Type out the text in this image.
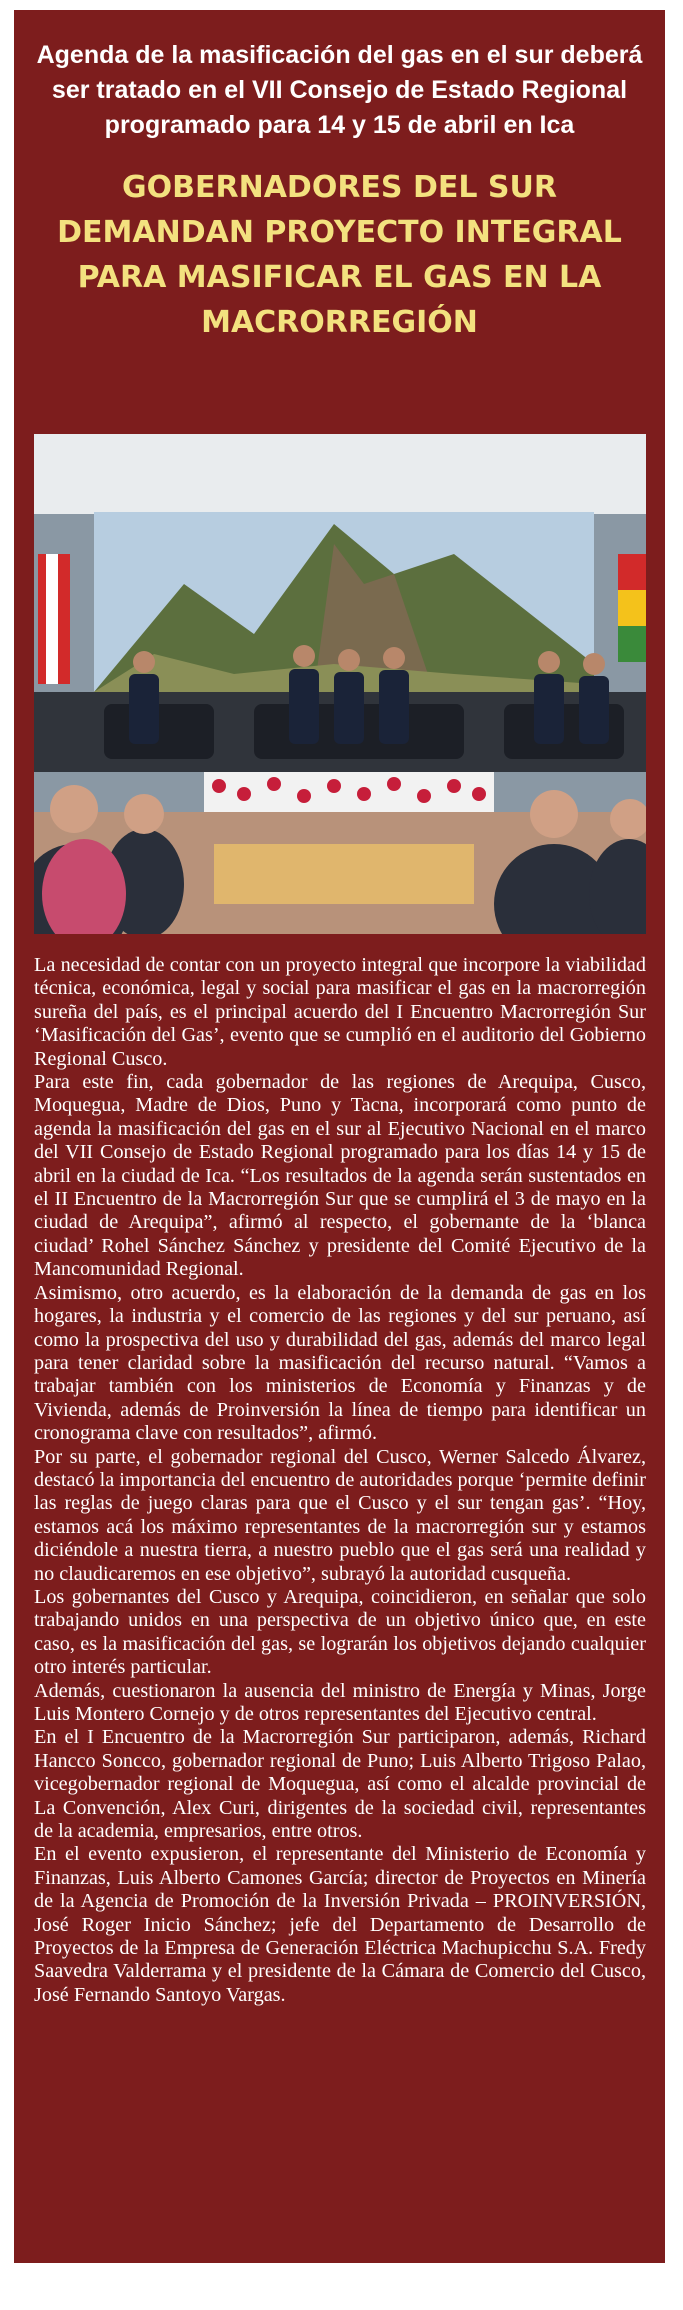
Agenda de la masificación del gas en el sur deberá ser tratado en el VII Consejo de Estado Regional programado para 14 y 15 de abril en Ica
GOBERNADORES DEL SUR DEMANDAN PROYECTO INTEGRAL PARA MASIFICAR EL GAS EN LA MACRORREGIÓN

La necesidad de contar con un proyecto integral que incorpore la viabilidad técnica, económica, legal y social para masificar el gas en la macrorregión sureña del país, es el principal acuerdo del I Encuentro Macrorregión Sur ‘Masificación del Gas’, evento que se cumplió en el auditorio del Gobierno Regional Cusco.

Para este fin, cada gobernador de las regiones de Arequipa, Cusco, Moquegua, Madre de Dios, Puno y Tacna, incorporará como punto de agenda la masificación del gas en el sur al Ejecutivo Nacional en el marco del VII Consejo de Estado Regional programado para los días 14 y 15 de abril en la ciudad de Ica. “Los resultados de la agenda serán sustentados en el II Encuentro de la Macrorregión Sur que se cumplirá el 3 de mayo en la ciudad de Arequipa”, afirmó al respecto, el gobernante de la ‘blanca ciudad’ Rohel Sánchez Sánchez y presidente del Comité Ejecutivo de la Mancomunidad Regional.

Asimismo, otro acuerdo, es la elaboración de la demanda de gas en los hogares, la industria y el comercio de las regiones y del sur peruano, así como la prospectiva del uso y durabilidad del gas, además del marco legal para tener claridad sobre la masificación del recurso natural. “Vamos a trabajar también con los ministerios de Economía y Finanzas y de Vivienda, además de Proinversión la línea de tiempo para identificar un cronograma clave con resultados”, afirmó.

Por su parte, el gobernador regional del Cusco, Werner Salcedo Álvarez, destacó la importancia del encuentro de autoridades porque ‘permite definir las reglas de juego claras para que el Cusco y el sur tengan gas’. “Hoy, estamos acá los máximo representantes de la macrorregión sur y estamos diciéndole a nuestra tierra, a nuestro pueblo que el gas será una realidad y no claudicaremos en ese objetivo”, subrayó la autoridad cusqueña.

Los gobernantes del Cusco y Arequipa, coincidieron, en señalar que solo trabajando unidos en una perspectiva de un objetivo único que, en este caso, es la masificación del gas, se lograrán los objetivos dejando cualquier otro interés particular.

Además, cuestionaron la ausencia del ministro de Energía y Minas, Jorge Luis Montero Cornejo y de otros representantes del Ejecutivo central.

En el I Encuentro de la Macrorregión Sur participaron, además, Richard Hancco Soncco, gobernador regional de Puno; Luis Alberto Trigoso Palao, vicegobernador regional de Moquegua, así como el alcalde provincial de La Convención, Alex Curi, dirigentes de la sociedad civil, representantes de la academia, empresarios, entre otros.

En el evento expusieron, el representante del Ministerio de Economía y Finanzas, Luis Alberto Camones García; director de Proyectos en Minería de la Agencia de Promoción de la Inversión Privada – PROINVERSIÓN, José Roger Inicio Sánchez; jefe del Departamento de Desarrollo de Proyectos de la Empresa de Generación Eléctrica Machupicchu S.A. Fredy Saavedra Valderrama y el presidente de la Cámara de Comercio del Cusco, José Fernando Santoyo Vargas.
